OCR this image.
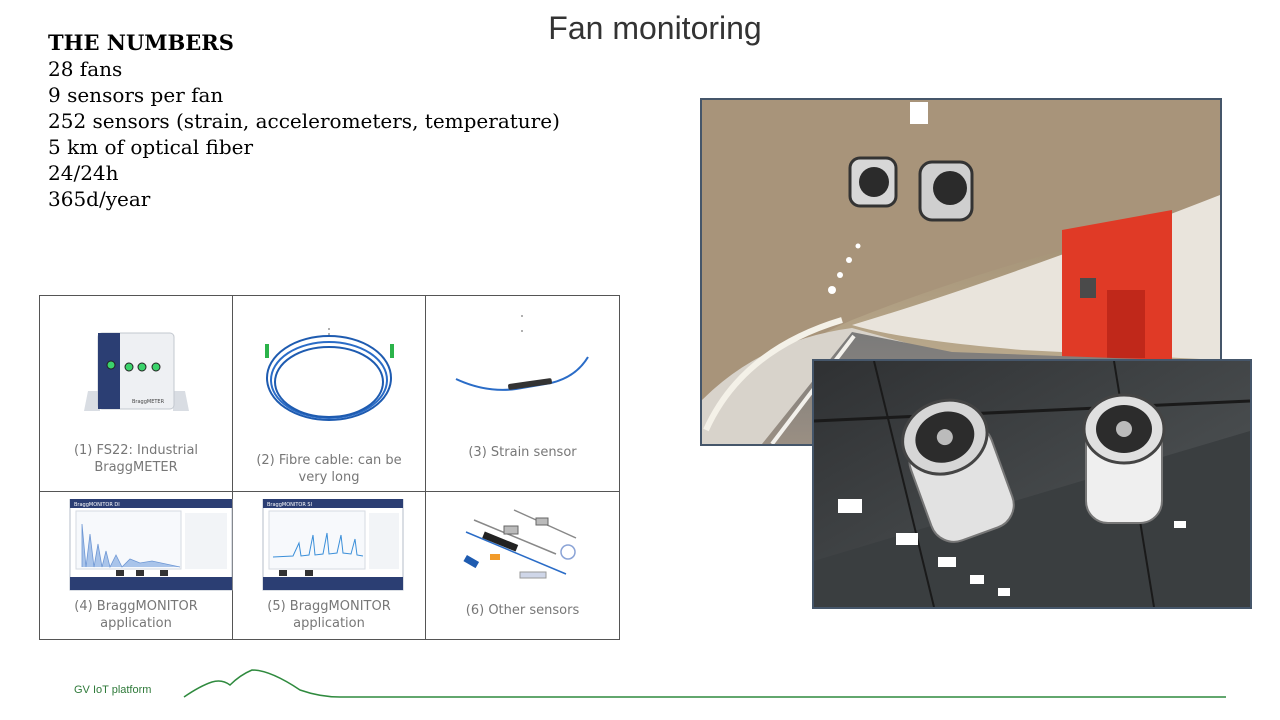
Fan monitoring
THE NUMBERS
28 fans
9 sensors per fan
252 sensors (strain, accelerometers, temperature)
5 km of optical fiber
24/24h
365d/year
BraggMETER
(1) FS22: Industrial BraggMETER	(2) Fibre cable: can be very long
(3) Strain sensor
BraggMONITOR DI
(4) BraggMONITOR application
BraggMONITOR SI
(5) BraggMONITOR application
(6) Other sensors
GV IoT platform
